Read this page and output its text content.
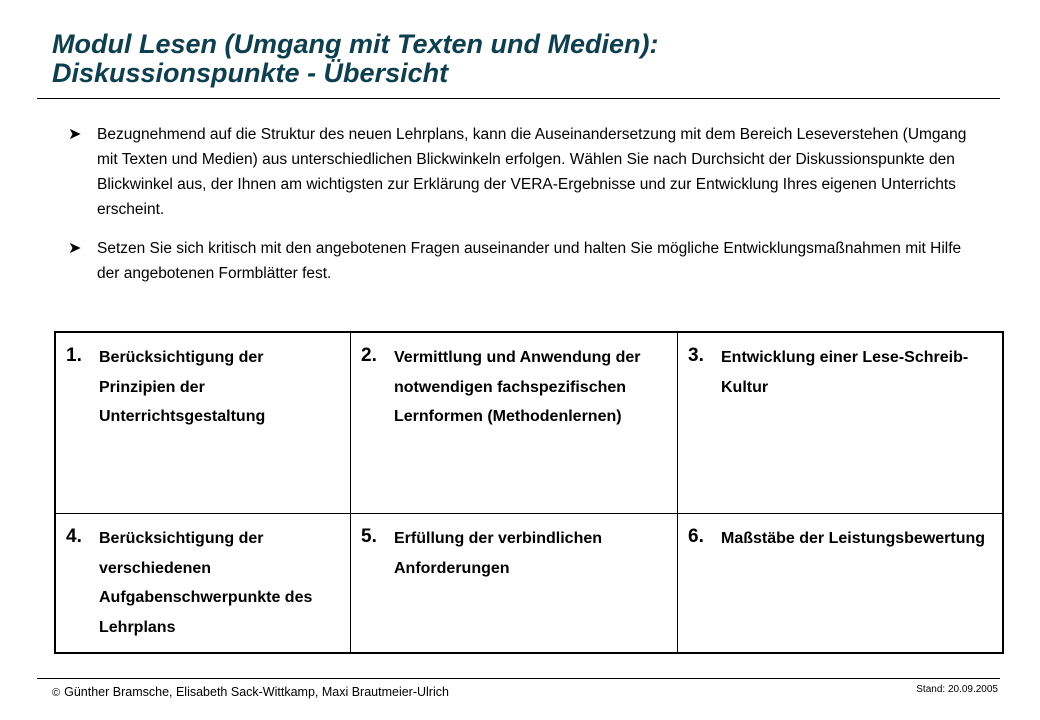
Modul Lesen (Umgang mit Texten und Medien):
Diskussionspunkte - Übersicht
➤ Bezugnehmend auf die Struktur des neuen Lehrplans, kann die Auseinandersetzung mit dem Bereich Leseverstehen (Umgang mit Texten und Medien) aus unterschiedlichen Blickwinkeln erfolgen. Wählen Sie nach Durchsicht der Diskussionspunkte den Blickwinkel aus, der Ihnen am wichtigsten zur Erklärung der VERA-Ergebnisse und zur Entwicklung Ihres eigenen Unterrichts erscheint.
➤ Setzen Sie sich kritisch mit den angebotenen Fragen auseinander und halten Sie mögliche Entwicklungsmaßnahmen mit Hilfe der angebotenen Formblätter fest.
1. Berücksichtigung der Prinzipien der Unterrichtsgestaltung
2. Vermittlung und Anwendung der notwendigen fachspezifischen Lernformen (Methodenlernen)
3. Entwicklung einer Lese-Schreib-Kultur
4. Berücksichtigung der verschiedenen Aufgabenschwerpunkte des Lehrplans
5. Erfüllung der verbindlichen Anforderungen
6. Maßstäbe der Leistungsbewertung
© Günther Bramsche, Elisabeth Sack-Wittkamp, Maxi Brautmeier-Ulrich	Stand: 20.09.2005
